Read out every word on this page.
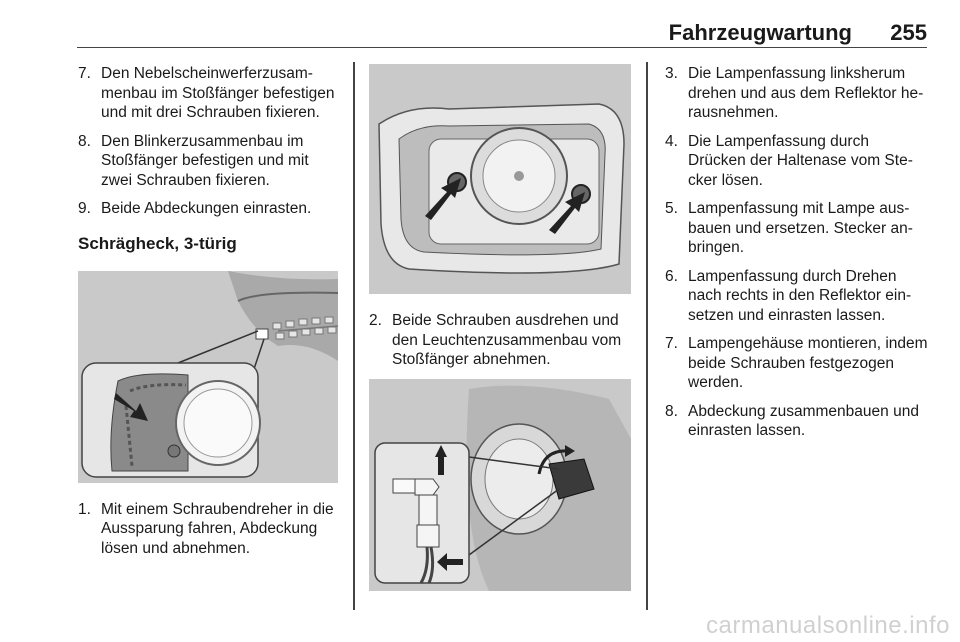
Fahrzeugwartung 255
7. Den Nebelscheinwerferzusammenbau im Stoßfänger befestigen und mit drei Schrauben fixieren.
8. Den Blinkerzusammenbau im Stoßfänger befestigen und mit zwei Schrauben fixieren.
9. Beide Abdeckungen einrasten.
Schrägheck, 3-türig
1. Mit einem Schraubendreher in die Aussparung fahren, Abdeckung lösen und abnehmen.
2. Beide Schrauben ausdrehen und den Leuchtenzusammenbau vom Stoßfänger abnehmen.
3. Die Lampenfassung linksherum drehen und aus dem Reflektor herausnehmen.
4. Die Lampenfassung durch Drücken der Haltenase vom Stecker lösen.
5. Lampenfassung mit Lampe ausbauen und ersetzen. Stecker anbringen.
6. Lampenfassung durch Drehen nach rechts in den Reflektor einsetzen und einrasten lassen.
7. Lampengehäuse montieren, indem beide Schrauben festgezogen werden.
8. Abdeckung zusammenbauen und einrasten lassen.
carmanualsonline.info
